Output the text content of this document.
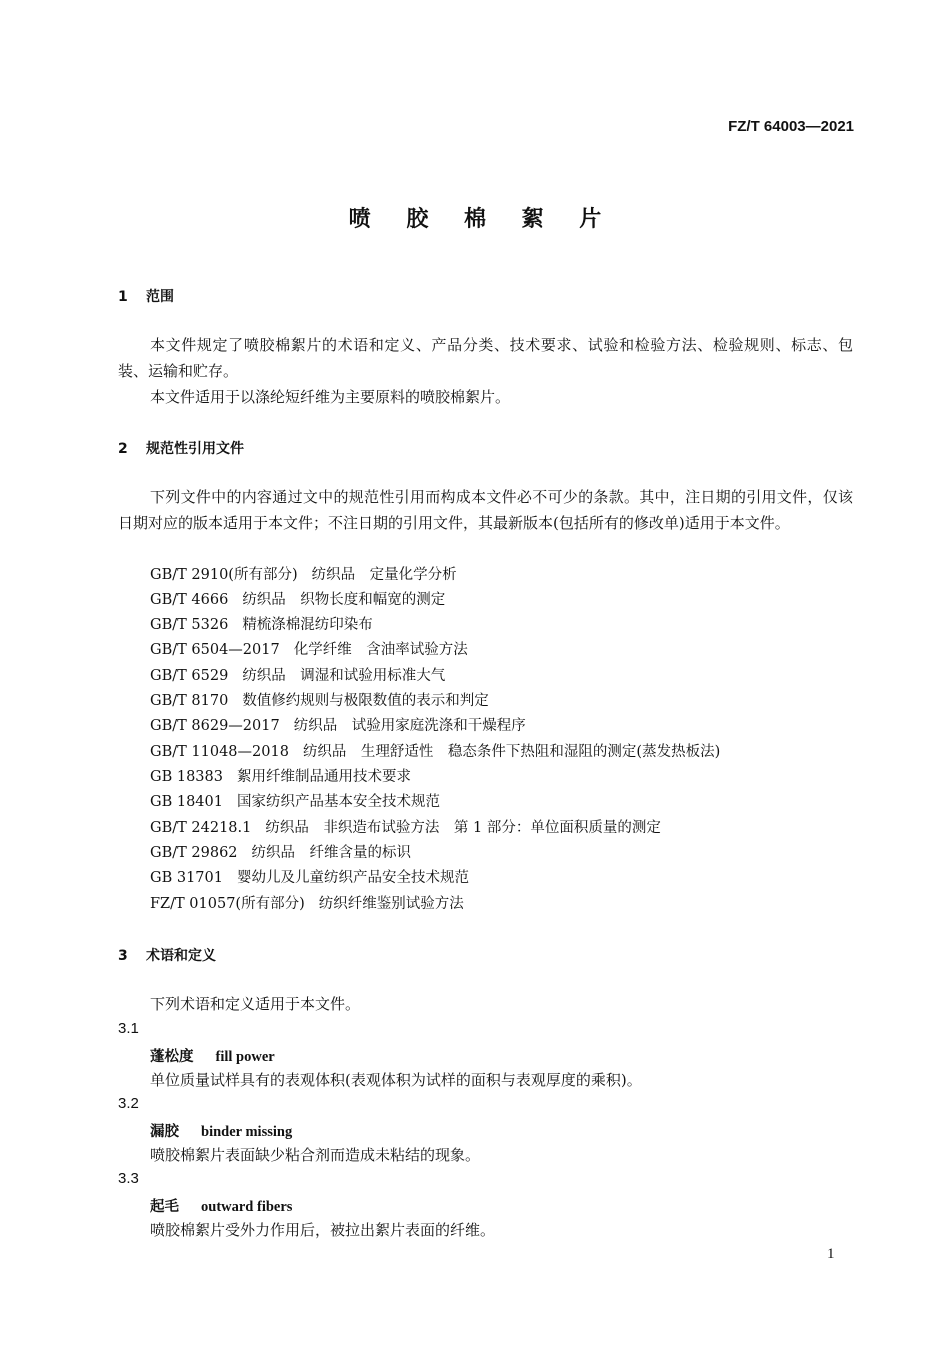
FZ/T 64003—2021
喷 胶 棉 絮 片
1 范围
本文件规定了喷胶棉絮片的术语和定义、产品分类、技术要求、试验和检验方法、检验规则、标志、包装、运输和贮存。
本文件适用于以涤纶短纤维为主要原料的喷胶棉絮片。
2 规范性引用文件
下列文件中的内容通过文中的规范性引用而构成本文件必不可少的条款。其中，注日期的引用文件，仅该日期对应的版本适用于本文件；不注日期的引用文件，其最新版本(包括所有的修改单)适用于本文件。
GB/T 2910(所有部分) 纺织品　定量化学分析
GB/T 4666 纺织品　织物长度和幅宽的测定
GB/T 5326 精梳涤棉混纺印染布
GB/T 6504—2017 化学纤维　含油率试验方法
GB/T 6529 纺织品　调湿和试验用标准大气
GB/T 8170 数值修约规则与极限数值的表示和判定
GB/T 8629—2017 纺织品　试验用家庭洗涤和干燥程序
GB/T 11048—2018 纺织品　生理舒适性　稳态条件下热阻和湿阻的测定(蒸发热板法)
GB 18383 絮用纤维制品通用技术要求
GB 18401 国家纺织产品基本安全技术规范
GB/T 24218.1 纺织品　非织造布试验方法　第 1 部分：单位面积质量的测定
GB/T 29862 纺织品　纤维含量的标识
GB 31701 婴幼儿及儿童纺织产品安全技术规范
FZ/T 01057(所有部分) 纺织纤维鉴别试验方法
3 术语和定义
下列术语和定义适用于本文件。
3.1
蓬松度 fill power
单位质量试样具有的表观体积(表观体积为试样的面积与表观厚度的乘积)。
3.2
漏胶 binder missing
喷胶棉絮片表面缺少粘合剂而造成未粘结的现象。
3.3
起毛 outward fibers
喷胶棉絮片受外力作用后，被拉出絮片表面的纤维。
1
